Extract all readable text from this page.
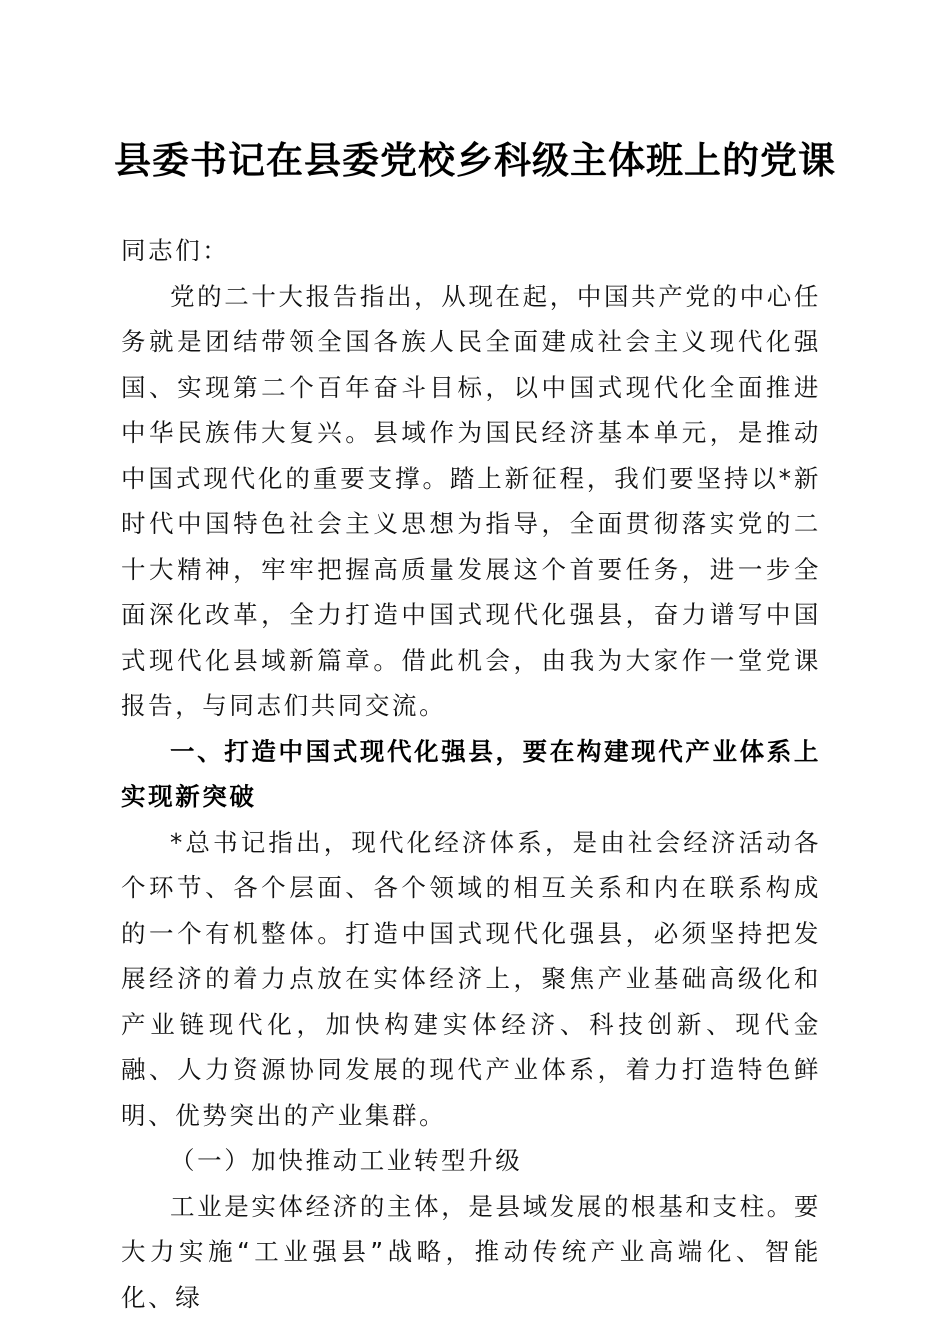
县委书记在县委党校乡科级主体班上的党课

同志们：

党的二十大报告指出，从现在起，中国共产党的中心任务就是团结带领全国各族人民全面建成社会主义现代化强国、实现第二个百年奋斗目标，以中国式现代化全面推进中华民族伟大复兴。县域作为国民经济基本单元，是推动中国式现代化的重要支撑。踏上新征程，我们要坚持以*新时代中国特色社会主义思想为指导，全面贯彻落实党的二十大精神，牢牢把握高质量发展这个首要任务，进一步全面深化改革，全力打造中国式现代化强县，奋力谱写中国式现代化县域新篇章。借此机会，由我为大家作一堂党课报告，与同志们共同交流。

一、打造中国式现代化强县，要在构建现代产业体系上实现新突破

*总书记指出，现代化经济体系，是由社会经济活动各个环节、各个层面、各个领域的相互关系和内在联系构成的一个有机整体。打造中国式现代化强县，必须坚持把发展经济的着力点放在实体经济上，聚焦产业基础高级化和产业链现代化，加快构建实体经济、科技创新、现代金融、人力资源协同发展的现代产业体系，着力打造特色鲜明、优势突出的产业集群。

（一）加快推动工业转型升级

工业是实体经济的主体，是县域发展的根基和支柱。要大力实施“工业强县”战略，推动传统产业高端化、智能化、绿
